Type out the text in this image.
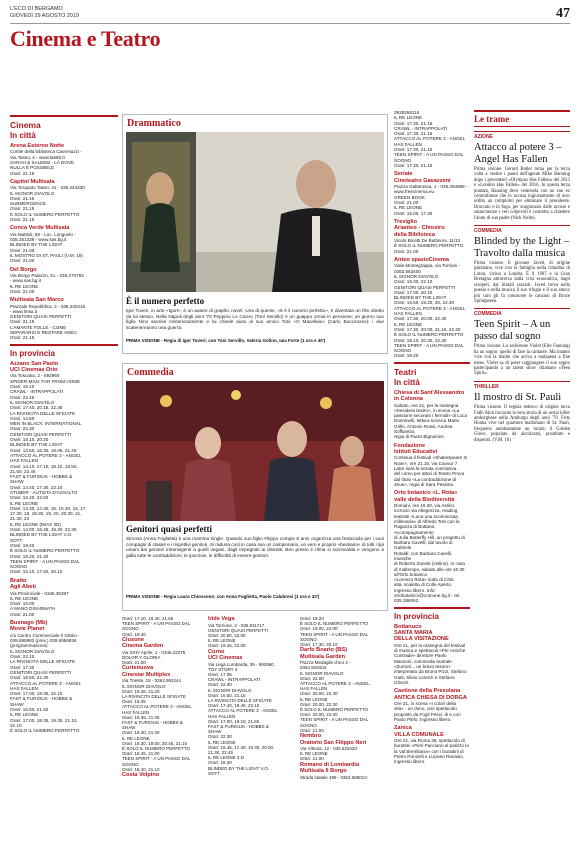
L'ECO DI BERGAMO
GIOVEDÌ 29 AGOSTO 2019	47
Cinema e Teatro
Cinema
In città
Arena Esterno Notte
Cortile della biblioteca Caversazzi -
Via Tasso, 4 - www.lab80.it
SARAH & SALEEM - LÀ DOVE
NULLA È POSSIBILE
Orari: 21.15
Capitol Multisala
Via Torquato Tasso, 41 - 035.244330
IL SIGNOR DIAVOLO
Orari: 21.15
SUBMERGENCE
Orari: 21.15
È SOLO IL NUMERO PERFETTO
Orari: 21.15
Conca Verde Multisala
Via Mattioli, 65 - Loc. Longuelo -
035.251339 - www.sas.bg.it
BLINDED BY THE LIGHT
Orari: 21.00
IL MOSTRO DI ST. PAULI (V.M. 18)
Orari: 21.00
Del Borgo
Via Borgo Palazzo, 51 - 035.270783
- www.sas.bg.it
IL RE LEONE
Orari: 21.00
Multisala San Marco
Piazzale Repubblica, 2 - 035.240416
- www.lmsa.it
GENITORI QUASI PERFETTI
Orari: 21.15
L'AMANTE FOLLE - COME
SEPARARSI E RESTARE AMICI
Orari: 21.15
In provincia
Azzano San Paolo
UCI Cinemas Orio
Via Toscana, 2 - 892960
SPIDER-MAN: FAR FROM HOME
Orari: 16.10
CRAWL - INTRAPPOLATI
Orari: 22.45
IL SIGNOR DIAVOLO
Orari: 17.40, 20.15, 22.35
LA RIVINCITA DELLE SFIGATE
Orari: 14.50
MEN IN BLACK: INTERNATIONAL
Orari: 22.30
GENITORI QUASI PERFETTI
Orari: 18.10, 20.20
BLINDED BY THE LIGHT
Orari: 13.50, 16.30, 19.05, 21.45
ATTACCO AL POTERE 3 - ANGEL
HAS FALLEN
Orari: 14.10, 17.10, 19.10, 19.50,
21.50, 22.45
FAST & FURIOUS - HOBBS &
SHAW
Orari: 14.40, 17.30, 22.10
STUBER - AUTISTA D'ASSALTO
Orari: 15.20, 22.50
IL RE LEONE
Orari: 13.30, 14.30, 15, 15.30, 16, 17,
17.30, 18, 18.30, 19, 20, 20.30, 21,
21.30, 22
IL RE LEONE (IMAX 3D)
Orari: 14.00, 16.45, 19.30, 22.30
BLINDED BY THE LIGHT V.O.
SOTT.
Orari: 19.40
È SOLO IL NUMERO PERFETTO
Orari: 19.20, 21.40
TEEN SPIRIT - A UN PASSO DAL
SOGNO
Orari: 15.10, 17.50, 20.10
Bratto
Agli Abeti
Via Provinciale - 0346.36397
IL RE LEONE
Orari: 16.00
A MANO DISARMATA
Orari: 21.00
Busnago (Mb)
Movie Planet
c/o Centro Commerciale Il Globo -
039.695982 (prev.) 039.6956836
(programmazione)
IL SIGNOR DIAVOLO
Orari: 22.10
LA RIVINCITA DELLE SFIGATE
Orari: 17.30
GENITORI QUASI PERFETTI
Orari: 19.50, 22.30
ATTACCO AL POTERE 3 - ANGEL
HAS FALLEN
Orari: 17.00, 19.35, 22.10
FAST & FURIOUS - HOBBS &
SHAW
Orari: 16.50, 21.50
IL RE LEONE
Orari: 17.00, 18.35, 19.35, 21.10,
22.10
È SOLO IL NUMERO PERFETTO
Drammatico
È il numero perfetto
Igor Tuveri, in arte «Igort», è un autore di graphic novel. Una di queste, «5 è il numero perfetto», è diventata un film diretto da lui stesso. Nella Napoli degli anni '70 Peppino Lo Cicero (Toni Servillo) è un guappo ormai in pensione; un giorno suo figlio Nino saorise misteriosamente e lui chiede aiuto al suo amico Totò «O Macellaio» (Carlo Buccirosso): i due scatenenranno una guerra.
PRIMA VISIONE - Regia di Igor Tuveri; con Toni Servillo, Valeria Golino, Iaia Forte (1 ora e 40')
Commedia
Genitori quasi perfetti
Simona (Anna Foglietta) è una mamma single. Quando suo figlio Filippo compie 8 anni organizza una festicciola per i suoi compagni di classe e i rispettivi genitori. Si raduna così in casa sua un campionario, un vero e proprio «bestiario» di tutti i tipi umani dai genitori intransigenti a quelli vegani, dagli impegnati ai distratti. Ben presto il clima si surriscalda e vengono a galla tutte le contraddizioni, le ipocrisie, le difficoltà di essere genitori.
PRIMA VISIONE - Regia Laura Chiossone; con Anna Foglietta, Paolo Calabresi (1 ora e 33')
Orari: 17.10, 19.40, 21.55
TEEN SPIRIT - A UN PASSO DAL
SOGNO
Orari: 19.40
Clusone
Cinema Garden
Via XXIV Aprile, 1 - 0346.22275
DOLOR Y GLORIA
Orari: 21.00
Curtenuova
Cinestar Multiplex
Via Trieste, 15 - 0363.992244
IL SIGNOR DIAVOLO
Orari: 18.45, 21.20
LA RIVINCITA DELLE SFIGATE
Orari: 18.35
ATTACCO AL POTERE 3 - ANGEL
HAS FALLEN
Orari: 18.35, 21.05
FAST & FURIOUS - HOBBS &
SHAW
Orari: 18.30, 21.00
IL RE LEONE
Orari: 18.30, 19.00, 20.45, 21.15
È SOLO IL NUMERO PERFETTO
Orari: 18.45, 21.00
TEEN SPIRIT - A UN PASSO DAL
SOGNO
Orari: 18.40, 21.10
Costa Volpino
Iride Vega
Via Torrione, 2 - 035.911717
GENITORI QUASI PERFETTI
Orari: 20.50, 22.00
IL RE LEONE
Orari: 19.45, 22.00
Curno
UCI Cinemas
Via Lega Lombarda, 39 - 892960
TOY STORY 4
Orari: 17.05
CRAWL - INTRAPPOLATI
Orari: 22.30
IL SIGNOR DIAVOLO
Orari: 16.50, 21.15
LA RIVINCITA DELLE SFIGATE
Orari: 17.40, 19.40, 22.10
ATTACCO AL POTERE 3 - ANGEL
HAS FALLEN
Orari: 17.00, 19.10, 21.50
FAST & FURIOUS - HOBBS &
SHAW
Orari: 22.30
IL RE LEONE
Orari: 16.45, 17.20, 19.30, 20.00,
21.30, 22.45
IL RE LEONE 3 D
Orari: 18.30
BLINDED BY THE LIGHT V.O.
SOTT.
Orari: 19.20
È SOLO IL NUMERO PERFETTO
Orari: 19.00, 22.00
TEEN SPIRIT - A UN PASSO DAL
SOGNO
Orari: 17.30, 20.10
Darfo Boario (BS)
Multisala Garden
Piazza Medaglie d'oro 2 -
0364.529103
IL SIGNOR DIAVOLO
Orari: 22.00
ATTACCO AL POTERE 3 - ANGEL
HAS FALLEN
Orari: 20.00, 22.30
IL RE LEONE
Orari: 20.00, 22.30
È SOLO IL NUMERO PERFETTO
Orari: 20.00, 22.00
TEEN SPIRIT - A UN PASSO DAL
SOGNO
Orari: 21.00
Nembro
Oratorio San Filippo Neri
Via Vittoria, 12 - 035.520420
IL RE LEONE
Orari: 21.00
Romano di Lombardia
Multisala Il Borgo
Strada statale 498 - 0363.688012-
3928258115
IL RE LEONE
Orari: 17.30, 21.15
CRAWL - INTRAPPOLATI
Orari: 17.30, 21.15
ATTACCO AL POTERE 3 - ANGEL
HAS FALLEN
Orari: 17.30, 21.15
TEEN SPIRIT - A UN PASSO DAL
SOGNO
Orari: 17.30, 21.15
Seriate
Cineteatro Gavazzeni
Piazza Galtarossa, 1 - 035.294868 -
www.freecinema.eu
GREEN BOOK
Orari: 21.00
IL RE LEONE
Orari: 15.00, 17.45
Treviglio
Arianteo - Chiostro
della Biblioteca
Vicolo Bicetti De Buttinoni, 11/13
È SOLO IL NUMERO PERFETTO
Orari: 21.00
Anteo spazioCinema
Viale Montegrappa, via Torriani -
0363.563400
IL SIGNOR DIAVOLO
Orari: 19.30, 22.10
GENITORI QUASI PERFETTI
Orari: 17.00, 20.10
BLINDED BY THE LIGHT
Orari: 16.50, 19.20, 20, 22.30
ATTACCO AL POTERE 3 - ANGEL
HAS FALLEN
Orari: 17.30, 20.00, 22.30
IL RE LEONE
Orari: 17.30, 20.00, 21.15, 22.30
È SOLO IL NUMERO PERFETTO
Orari: 18.10, 20.30, 22.30
TEEN SPIRIT - A UN PASSO DAL
SOGNO
Orari: 19.40
Teatri
In città
Chiesa di Sant'Alessandro
in Colonna
Sabato, ore 21, per la rassegna
«Desidera teatro», in scena «La
passione secondo i fermidi» di Luca
Donninelli, lettura scenica Mario
Grillo, Antonio Rossi, Andrea Soffiantini,
regia di Paolo Bignamini.
Fondazione
Istituti Educativi
Continua il festival «Shakespeare Is
Now!», ore 21.15, via Cavour 7.
Latre sarà la serata conclusiva
del corso per attori di Teatro Prova
dal titolo «La contraddizione di
Zeus», regia di Sara Pessina.
Orto botanico «L. Rota»
valle della Biodiversità
Domani, ore 18.30, via Astino,
incrocio via Allegrezza, reading
teatrale «Luna una sconosciuta
millenaria» di Alfredo Tosi con la
Ragazza di Buttana. Accompagnamento
di Julia Butterfly Hill, un progetto di
Barbara Cavelli; dal tavolo di Gabriele
Rotaldi: con Barbara Cavelli, musiche
di Roberto Zanetti (violino). In caso
di maltempo, sabato alle ore 16.30 all'Orto botanico
«Lorenzo Rota» sotto di Città
alta, scaletta di Colle Aperto.
Ingresso libero. Info:
ortobotanico@comune.bg.it - tel.
035.286062.
In provincia
Bottanuco
SANTA MARIA
DELLA VISITAZIONE
Ore 21, per la rassegna del festival
di musica e spettacoli «Per Antiche
Contrade» direttore Paolo
Manzoni, commedia teatrale
«Zurroni... un bravo tesoro»
interpretato da Bruno Pizzi, Stefano
Gatti, Silvio Lorenzi e Stefano
Ghezzi.
Castione della Presolana
ANTICA CHIESA DI DORGA
Ore 21, in scena «I colori della
vita» - un dono, uno spettacolo
proposto da Fogli Pesci, di e con
Paolo Pitrlo. Ingresso libero.
Zanica
VILLA COMUNALE
Ore 21, via Roma 35, spettacolo di
burattini «Pieri Pacciano al palizzo la
la Val Brembana» con i burattini di
Pietro Ronzelli e Luciano Ravasio.
Ingresso libero.
Le trame
AZIONE
Attacco al potere 3 – Angel Has Fallen
Prima visione. Gerard Butler torna per la terza volta a vestire i panni dell'agente Mike Banning dopo i precedenti «Olympus Has Fallen» del 2013 e «London Has Fallen» del 2016. In questa terza puntata, Banning deve vedersela con un suo ex commilitone che lo accusa ingiustamente di aver ordito un complotto per eliminare il presidente. Braccato e in fuga, per scagionarsi dalle accuse e smascherare i veri colpevoli è costretto a chiedere l'aiuto di suo padre (Nick Nolte).
COMMEDIA
Blinded by the Light – Travolto dalla musica
Prima visione. Il giovane Javed, di origine pakistana, vive con la famiglia nella cittadina di Luton, vicino a Londra. È il 1987 e la Gran Bretagna attraversa dalla crisi economica, dagli scioperi, dai brutali razzisti. Javed trova nella poesia e nella musica il suo rifugio e il suo amico più caro gli fa conoscere le canzoni di Bruce Springsteen.
COMMEDIA
Teen Spirit – A un passo dal sogno
Prima visione. La sedicenne Violet (Elle Fanning) ha un sogno: quello di fare la cantante. Ma intanto vive con la madre che arriva a malapena a fine mese. Violet sa di poter raggiungere il suo sogno partecipando a un talent show chiamato «Teen Spirit».
THRILLER
Il mostro di St. Pauli
Prima visione. Il regista tedesco di origine turca Fatih Akin racconta la vera storia di un serial killer amburghese nella Amburgo degli anni '70. Fritz Honka vive nel quartiere malfamato di St. Pauli, frequenta assiduamente un locale, il Golden Glove, popolato da alcolizzati, prostitute e disperati. (V.M. 18)
